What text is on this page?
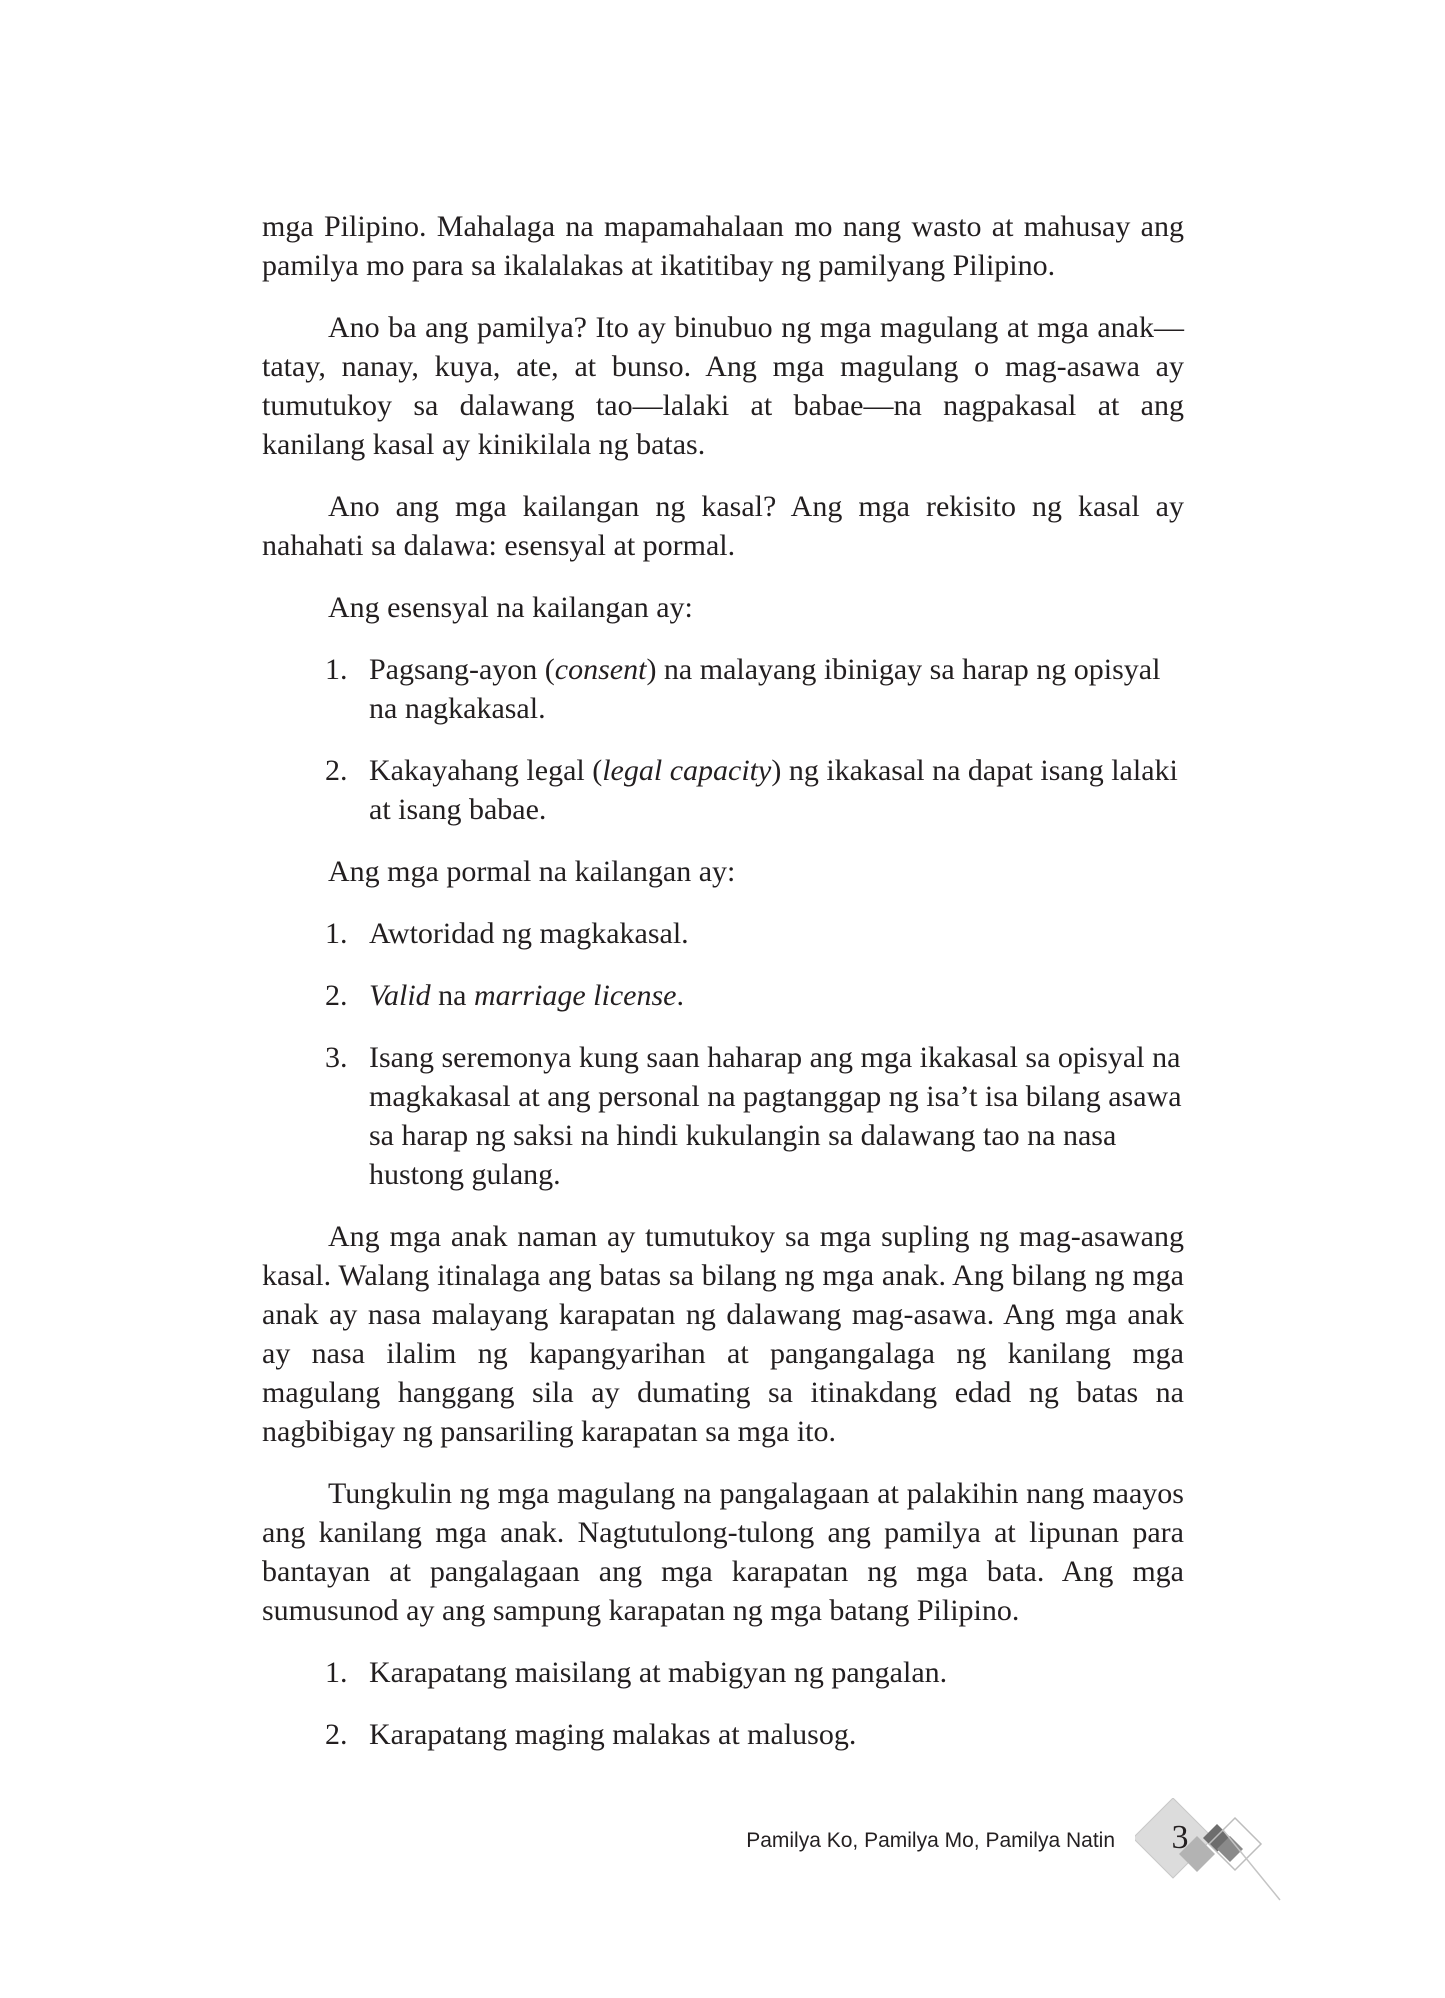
mga Pilipino. Mahalaga na mapamahalaan mo nang wasto at mahusay ang pamilya mo para sa ikalalakas at ikatitibay ng pamilyang Pilipino.

Ano ba ang pamilya? Ito ay binubuo ng mga magulang at mga anak—tatay, nanay, kuya, ate, at bunso. Ang mga magulang o mag-asawa ay tumutukoy sa dalawang tao—lalaki at babae—na nagpakasal at ang kanilang kasal ay kinikilala ng batas.

Ano ang mga kailangan ng kasal? Ang mga rekisito ng kasal ay nahahati sa dalawa: esensyal at pormal.

Ang esensyal na kailangan ay:

1. Pagsang-ayon (consent) na malayang ibinigay sa harap ng opisyal na nagkakasal.
2. Kakayahang legal (legal capacity) ng ikakasal na dapat isang lalaki at isang babae.

Ang mga pormal na kailangan ay:

1. Awtoridad ng magkakasal.
2. Valid na marriage license.
3. Isang seremonya kung saan haharap ang mga ikakasal sa opisyal na magkakasal at ang personal na pagtanggap ng isa’t isa bilang asawa sa harap ng saksi na hindi kukulangin sa dalawang tao na nasa hustong gulang.

Ang mga anak naman ay tumutukoy sa mga supling ng mag-asawang kasal. Walang itinalaga ang batas sa bilang ng mga anak. Ang bilang ng mga anak ay nasa malayang karapatan ng dalawang mag-asawa. Ang mga anak ay nasa ilalim ng kapangyarihan at pangangalaga ng kanilang mga magulang hanggang sila ay dumating sa itinakdang edad ng batas na nagbibigay ng pansariling karapatan sa mga ito.

Tungkulin ng mga magulang na pangalagaan at palakihin nang maayos ang kanilang mga anak. Nagtutulong-tulong ang pamilya at lipunan para bantayan at pangalagaan ang mga karapatan ng mga bata. Ang mga sumusunod ay ang sampung karapatan ng mga batang Pilipino.

1. Karapatang maisilang at mabigyan ng pangalan.
2. Karapatang maging malakas at malusog.
Pamilya Ko, Pamilya Mo, Pamilya Natin	3
